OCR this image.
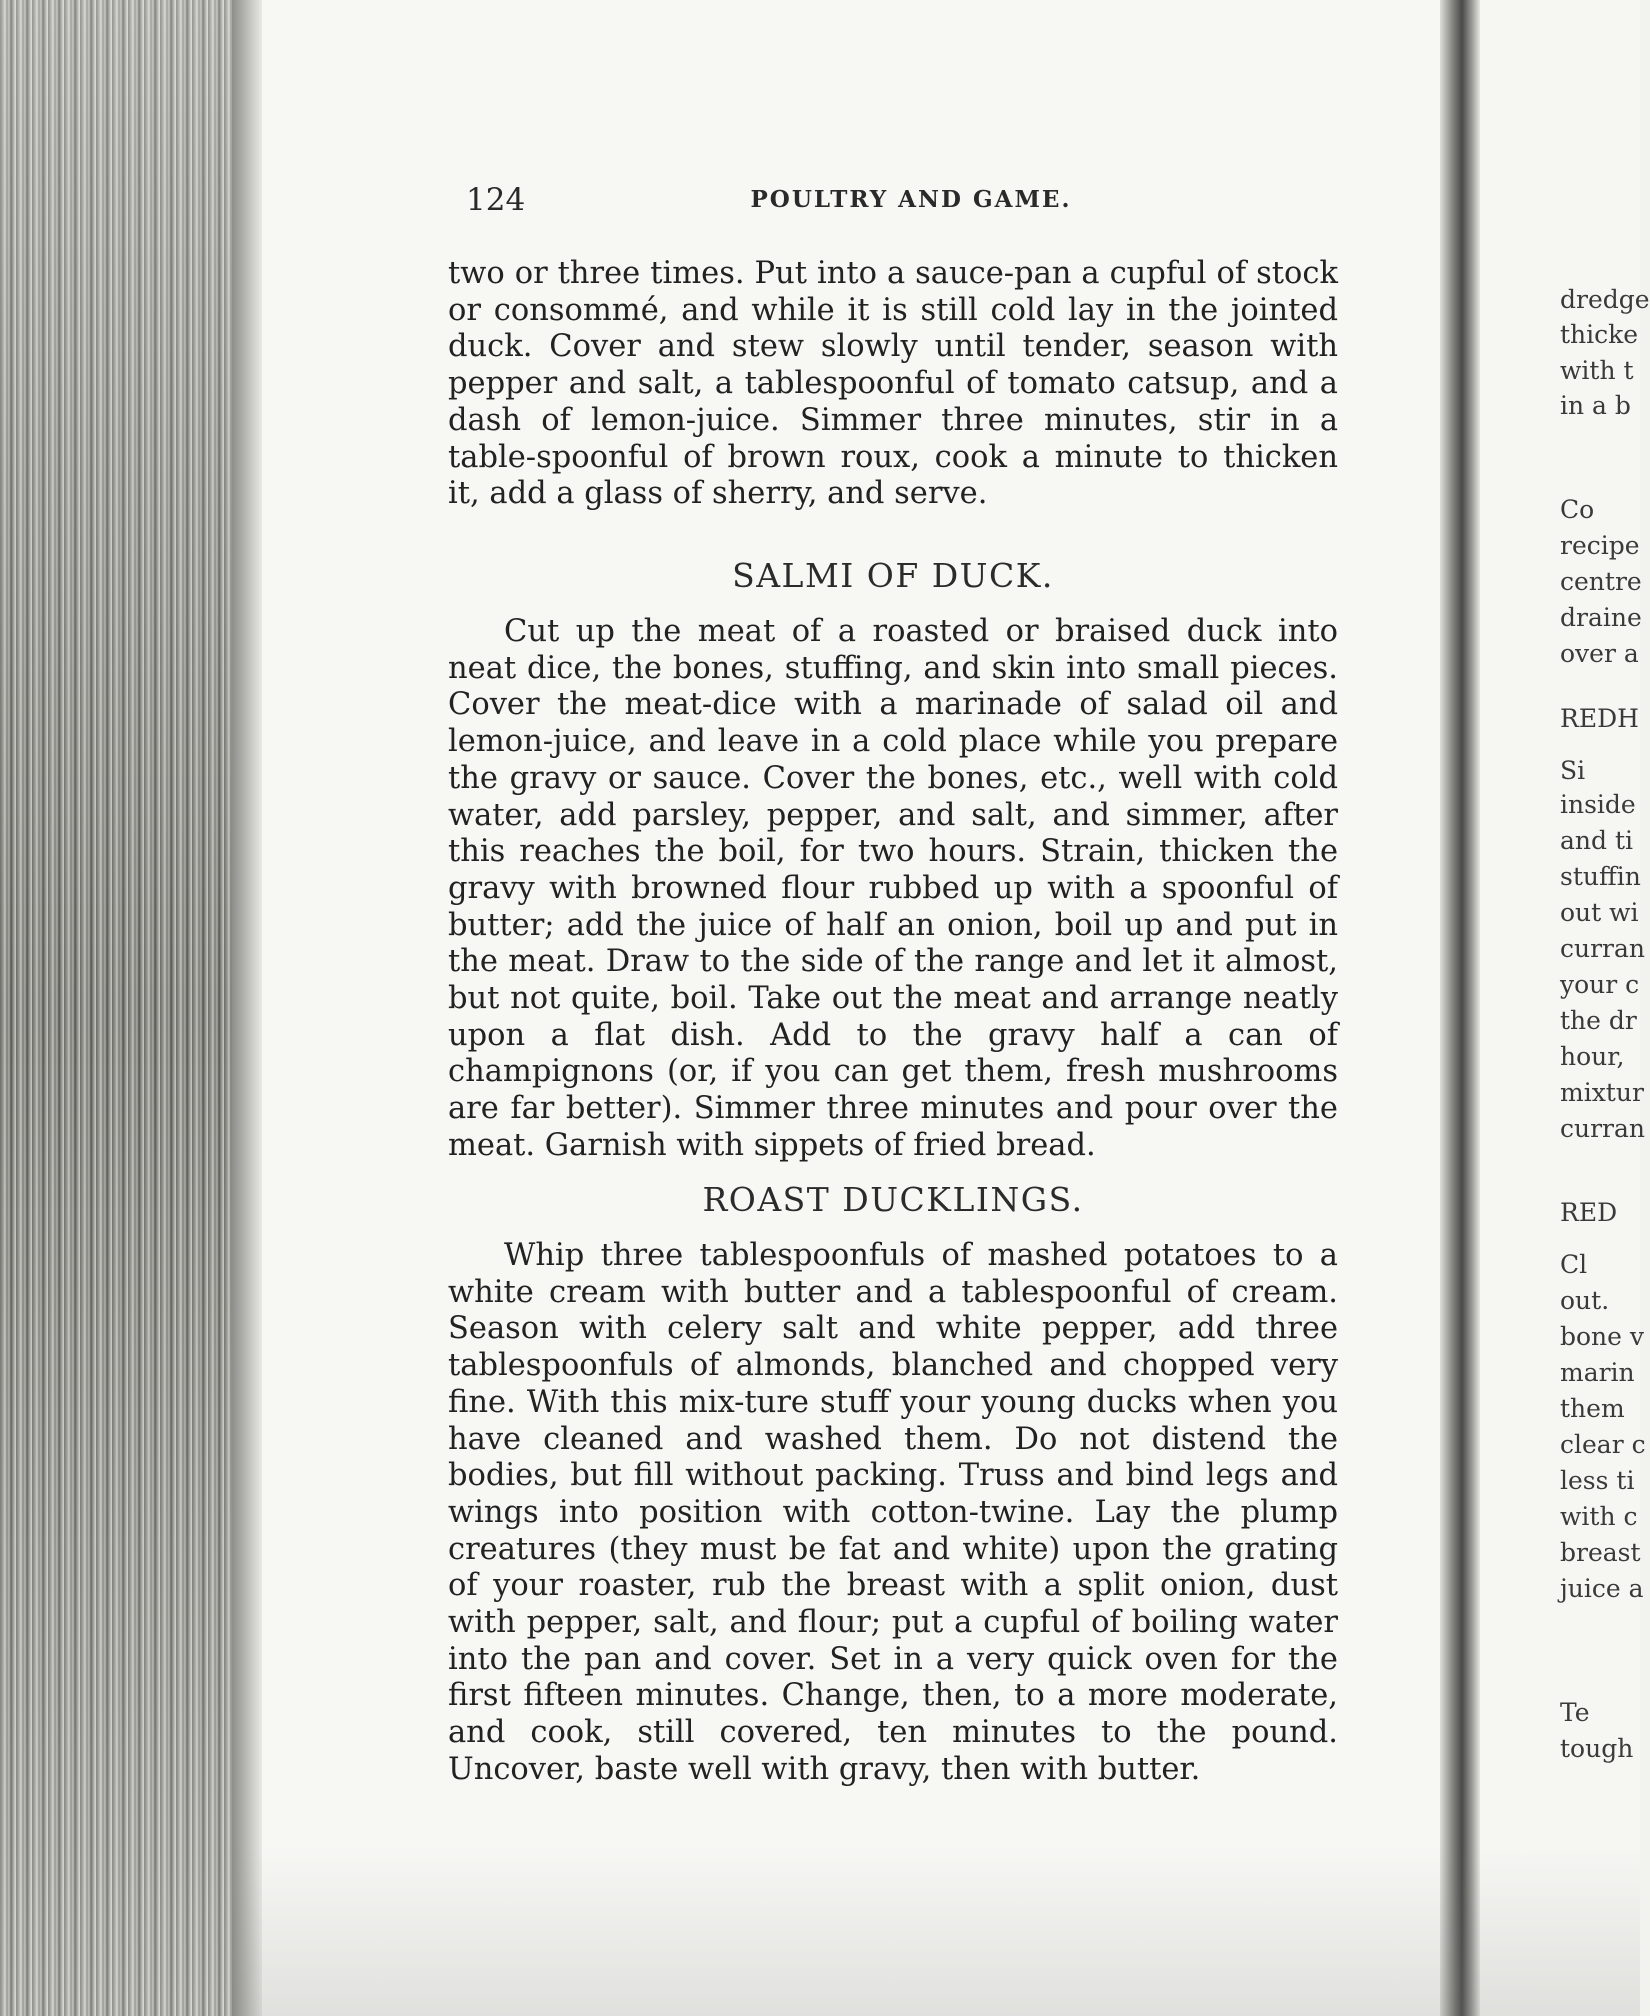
124	POULTRY AND GAME.

two or three times. Put into a sauce-pan a cupful of stock or consommé, and while it is still cold lay in the jointed duck. Cover and stew slowly until tender, season with pepper and salt, a tablespoonful of tomato catsup, and a dash of lemon-juice. Simmer three minutes, stir in a table-spoonful of brown roux, cook a minute to thicken it, add a glass of sherry, and serve.

SALMI OF DUCK.

Cut up the meat of a roasted or braised duck into neat dice, the bones, stuffing, and skin into small pieces. Cover the meat-dice with a marinade of salad oil and lemon-juice, and leave in a cold place while you prepare the gravy or sauce. Cover the bones, etc., well with cold water, add parsley, pepper, and salt, and simmer, after this reaches the boil, for two hours. Strain, thicken the gravy with browned flour rubbed up with a spoonful of butter; add the juice of half an onion, boil up and put in the meat. Draw to the side of the range and let it almost, but not quite, boil. Take out the meat and arrange neatly upon a flat dish. Add to the gravy half a can of champignons (or, if you can get them, fresh mushrooms are far better). Simmer three minutes and pour over the meat. Garnish with sippets of fried bread.

ROAST DUCKLINGS.

Whip three tablespoonfuls of mashed potatoes to a white cream with butter and a tablespoonful of cream. Season with celery salt and white pepper, add three tablespoonfuls of almonds, blanched and chopped very fine. With this mix-ture stuff your young ducks when you have cleaned and washed them. Do not distend the bodies, but fill without packing. Truss and bind legs and wings into position with cotton-twine. Lay the plump creatures (they must be fat and white) upon the grating of your roaster, rub the breast with a split onion, dust with pepper, salt, and flour; put a cupful of boiling water into the pan and cover. Set in a very quick oven for the first fifteen minutes. Change, then, to a more moderate, and cook, still covered, ten minutes to the pound. Uncover, baste well with gravy, then with butter.

dredge
thicke
with t
in a b
Co
recipe
centre
draine
over a
REDH
Si
inside
and ti
stuffin
out wi
curran
your c
the dr
hour,
mixtur
curran
RED
Cl
out.
bone v
marin
them
clear c
less ti
with c
breast
juice a
Te
tough
